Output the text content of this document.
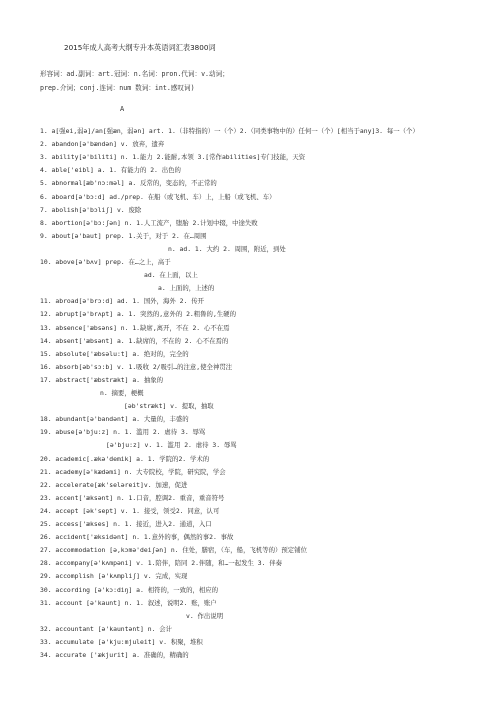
2015年成人高考大纲专升本英语词汇表3800词
形容词：ad.副词：art.冠词：n.名词：pron.代词：v.动词；
prep.介词；conj.连词：num 数词：int.感叹词)
A
1. a[强ei,弱ə]/an[强æn，弱ən] art. 1.（非特指的）一（个）2.（同类事物中的）任何一（个）[相当于any]3. 每一（个）
2. abandon[ə'bændən] v. 放弃，遗弃
3. ability[ə'biliti] n. 1.能力 2.能耐,本领 3.[常作abilities]专门技能，天资
4. able['eibl] a. 1. 有能力的 2. 出色的
5. abnormal[æb'nɔ:məl] a. 反常的，变态的，不正常的
6. aboard[ə'bɔ:d] ad./prep. 在船（或飞机、车）上，上船（或飞机、车）
7. abolish[ə'bɔliʃ] v. 废除
8. abortion[ə'bɔ:ʃən] n. 1.人工流产，堕胎 2.计划中辍，中途失败
9. about[ə'baut] prep. 1.关于，对于 2. 在…周围
n. ad. 1. 大约 2. 周围，附近，到处
10. above[ə'bʌv] prep. 在…之上，高于
ad. 在上面，以上
a. 上面的，上述的
11. abroad[ə'brɔ:d] ad. 1. 国外，海外 2. 传开
12. abrupt[ə'brʌpt] a. 1. 突然的,意外的 2.粗鲁的,生硬的
13. absence['æbsəns] n. 1.缺席,离开，不在 2. 心不在焉
14. absent['æbsənt] a. 1.缺席的，不在的 2. 心不在焉的
15. absolute['æbsəlu:t] a. 绝对的，完全的
16. absorb[əb'sɔ:b] v. 1.吸收 2/吸引…的注意,使全神贯注
17. abstract['æbstrækt] a. 抽象的
n. 摘要，梗概
[əb'strækt] v. 提取，抽取
18. abundant[ə'bandənt] a. 大量的，丰盛的
19. abuse[ə'bju:z] n. 1. 滥用 2. 虐待 3. 辱骂
[ə'bju:z] v. 1. 滥用 2. 虐待 3. 辱骂
20. academic[.ækə'demik] a. 1. 学院的2. 学术的
21. academy[ə'kædəmi] n. 大专院校，学院，研究院，学会
22. accelerate[æk'seləreit]v. 加速，促进
23. accent['æksənt] n. 1.口音，腔调2. 重音，重音符号
24. accept [ək'sept] v. 1. 接受，领受2. 同意，认可
25. access['ækses] n. 1. 接近，进入2. 通道，入口
26. accident['æksidənt] n. 1.意外的事，偶然的事2. 事故
27. accommodation [ə,kɔmə'deiʃən] n. 住处，膳宿，（车，船，飞机等的）预定铺位
28. accompany[ə'kʌmpəni] v. 1.陪伴，陪同 2.伴随，和…一起发生 3. 伴奏
29. accomplish [ə'kʌmpliʃ] v. 完成，实现
30. according [ə'kɔ:diŋ] a. 相符的，一致的，相应的
31. account [ə'kaunt] n. 1. 叙述，说明2. 账，账户
v. 作出说明
32. accountant [ə'kauntənt] n. 会计
33. accumulate [ə'kju:mjuleit] v. 积聚，堆积
34. accurate ['ækjurit] a. 准确的，精确的
